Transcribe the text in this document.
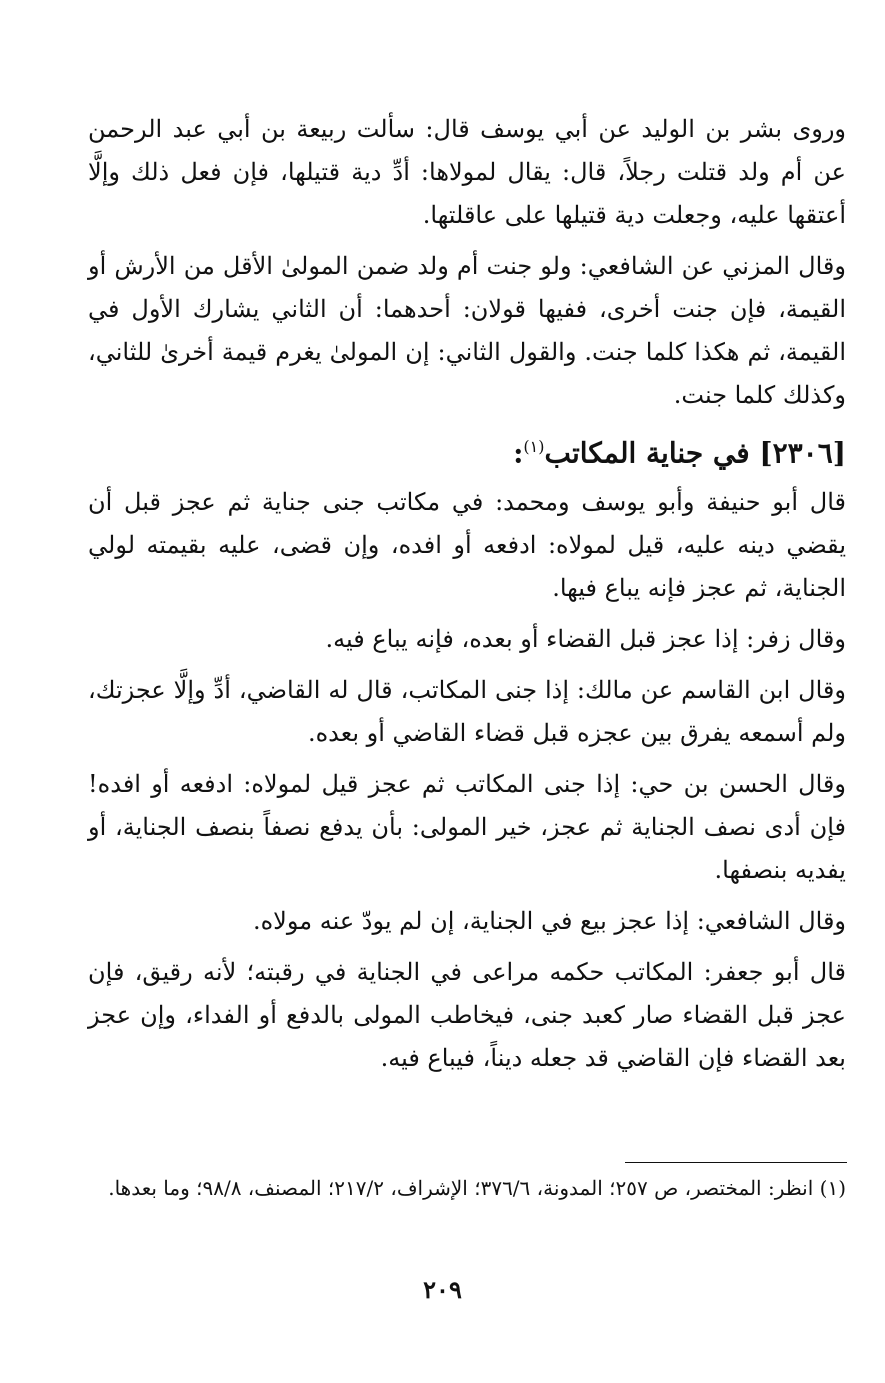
وروى بشر بن الوليد عن أبي يوسف قال: سألت ربيعة بن أبي عبد الرحمن عن أم ولد قتلت رجلاً، قال: يقال لمولاها: أدِّ دية قتيلها، فإن فعل ذلك وإلَّا أعتقها عليه، وجعلت دية قتيلها على عاقلتها.

وقال المزني عن الشافعي: ولو جنت أم ولد ضمن المولىٰ الأقل من الأرش أو القيمة، فإن جنت أخرى، ففيها قولان: أحدهما: أن الثاني يشارك الأول في القيمة، ثم هكذا كلما جنت. والقول الثاني: إن المولىٰ يغرم قيمة أخرىٰ للثاني، وكذلك كلما جنت.

[٢٣٠٦] في جناية المكاتب$^{(١)}$:

قال أبو حنيفة وأبو يوسف ومحمد: في مكاتب جنى جناية ثم عجز قبل أن يقضي دينه عليه، قيل لمولاه: ادفعه أو افده، وإن قضى، عليه بقيمته لولي الجناية، ثم عجز فإنه يباع فيها.

وقال زفر: إذا عجز قبل القضاء أو بعده، فإنه يباع فيه.

وقال ابن القاسم عن مالك: إذا جنى المكاتب، قال له القاضي، أدِّ وإلَّا عجزتك، ولم أسمعه يفرق بين عجزه قبل قضاء القاضي أو بعده.

وقال الحسن بن حي: إذا جنى المكاتب ثم عجز قيل لمولاه: ادفعه أو افده! فإن أدى نصف الجناية ثم عجز، خير المولى: بأن يدفع نصفاً بنصف الجناية، أو يفديه بنصفها.

وقال الشافعي: إذا عجز بيع في الجناية، إن لم يودّ عنه مولاه.

قال أبو جعفر: المكاتب حكمه مراعى في الجناية في رقبته؛ لأنه رقيق، فإن عجز قبل القضاء صار كعبد جنى، فيخاطب المولى بالدفع أو الفداء، وإن عجز بعد القضاء فإن القاضي قد جعله ديناً، فيباع فيه.

(١) انظر: المختصر، ص ٢٥٧؛ المدونة، ٣٧٦/٦؛ الإشراف، ٢١٧/٢؛ المصنف، ٩٨/٨؛ وما بعدها.
٢٠٩
